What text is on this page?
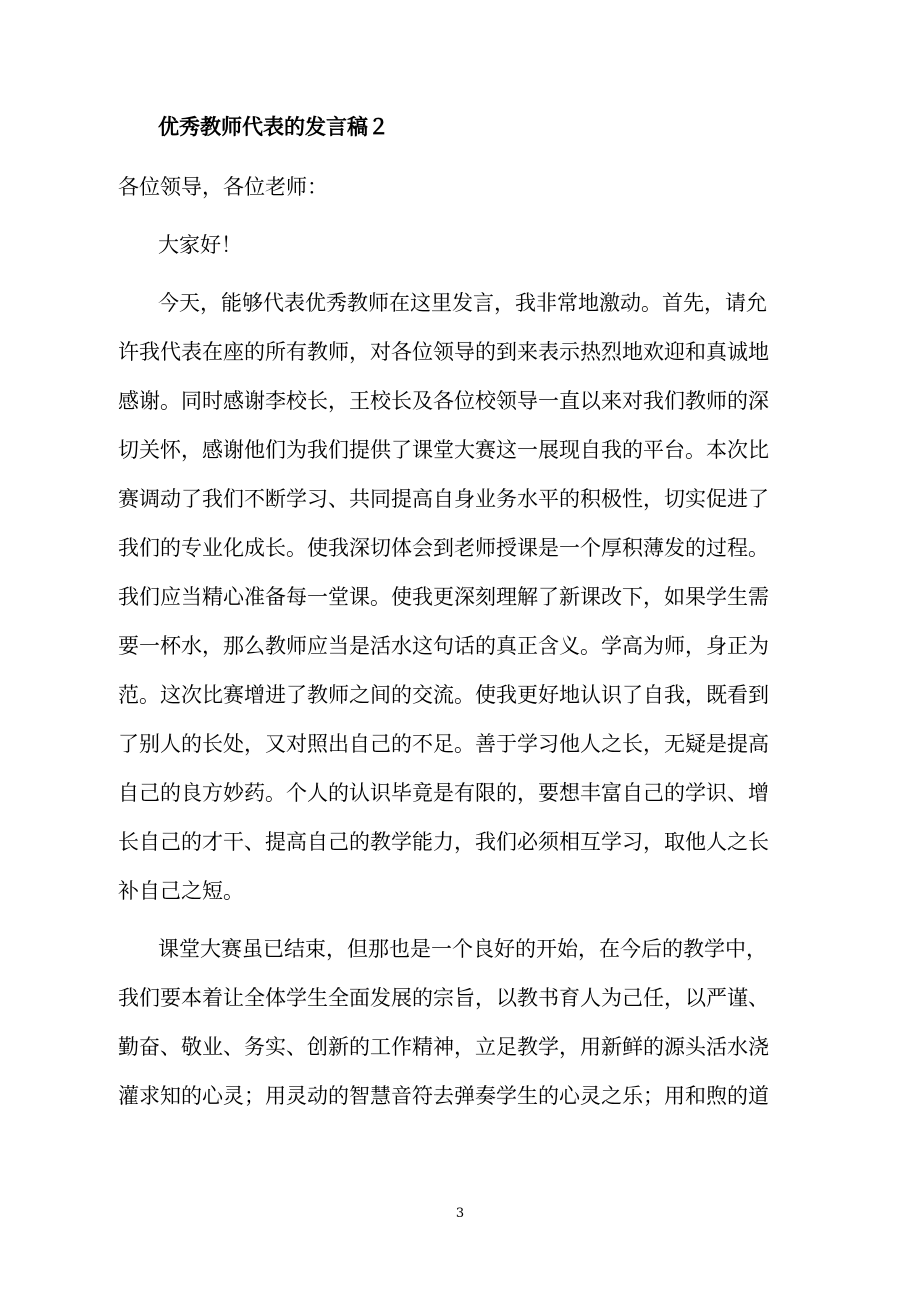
优秀教师代表的发言稿２

各位领导，各位老师：

大家好！

今天，能够代表优秀教师在这里发言，我非常地激动。首先，请允

许我代表在座的所有教师，对各位领导的到来表示热烈地欢迎和真诚地

感谢。同时感谢李校长，王校长及各位校领导一直以来对我们教师的深

切关怀，感谢他们为我们提供了课堂大赛这一展现自我的平台。本次比

赛调动了我们不断学习、共同提高自身业务水平的积极性，切实促进了

我们的专业化成长。使我深切体会到老师授课是一个厚积薄发的过程。

我们应当精心准备每一堂课。使我更深刻理解了新课改下，如果学生需

要一杯水，那么教师应当是活水这句话的真正含义。学高为师，身正为

范。这次比赛增进了教师之间的交流。使我更好地认识了自我，既看到

了别人的长处，又对照出自己的不足。善于学习他人之长，无疑是提高

自己的良方妙药。个人的认识毕竟是有限的，要想丰富自己的学识、增

长自己的才干、提高自己的教学能力，我们必须相互学习，取他人之长

补自己之短。

课堂大赛虽已结束，但那也是一个良好的开始，在今后的教学中，

我们要本着让全体学生全面发展的宗旨，以教书育人为己任，以严谨、

勤奋、敬业、务实、创新的工作精神，立足教学，用新鲜的源头活水浇

灌求知的心灵；用灵动的智慧音符去弹奏学生的心灵之乐；用和煦的道

3
